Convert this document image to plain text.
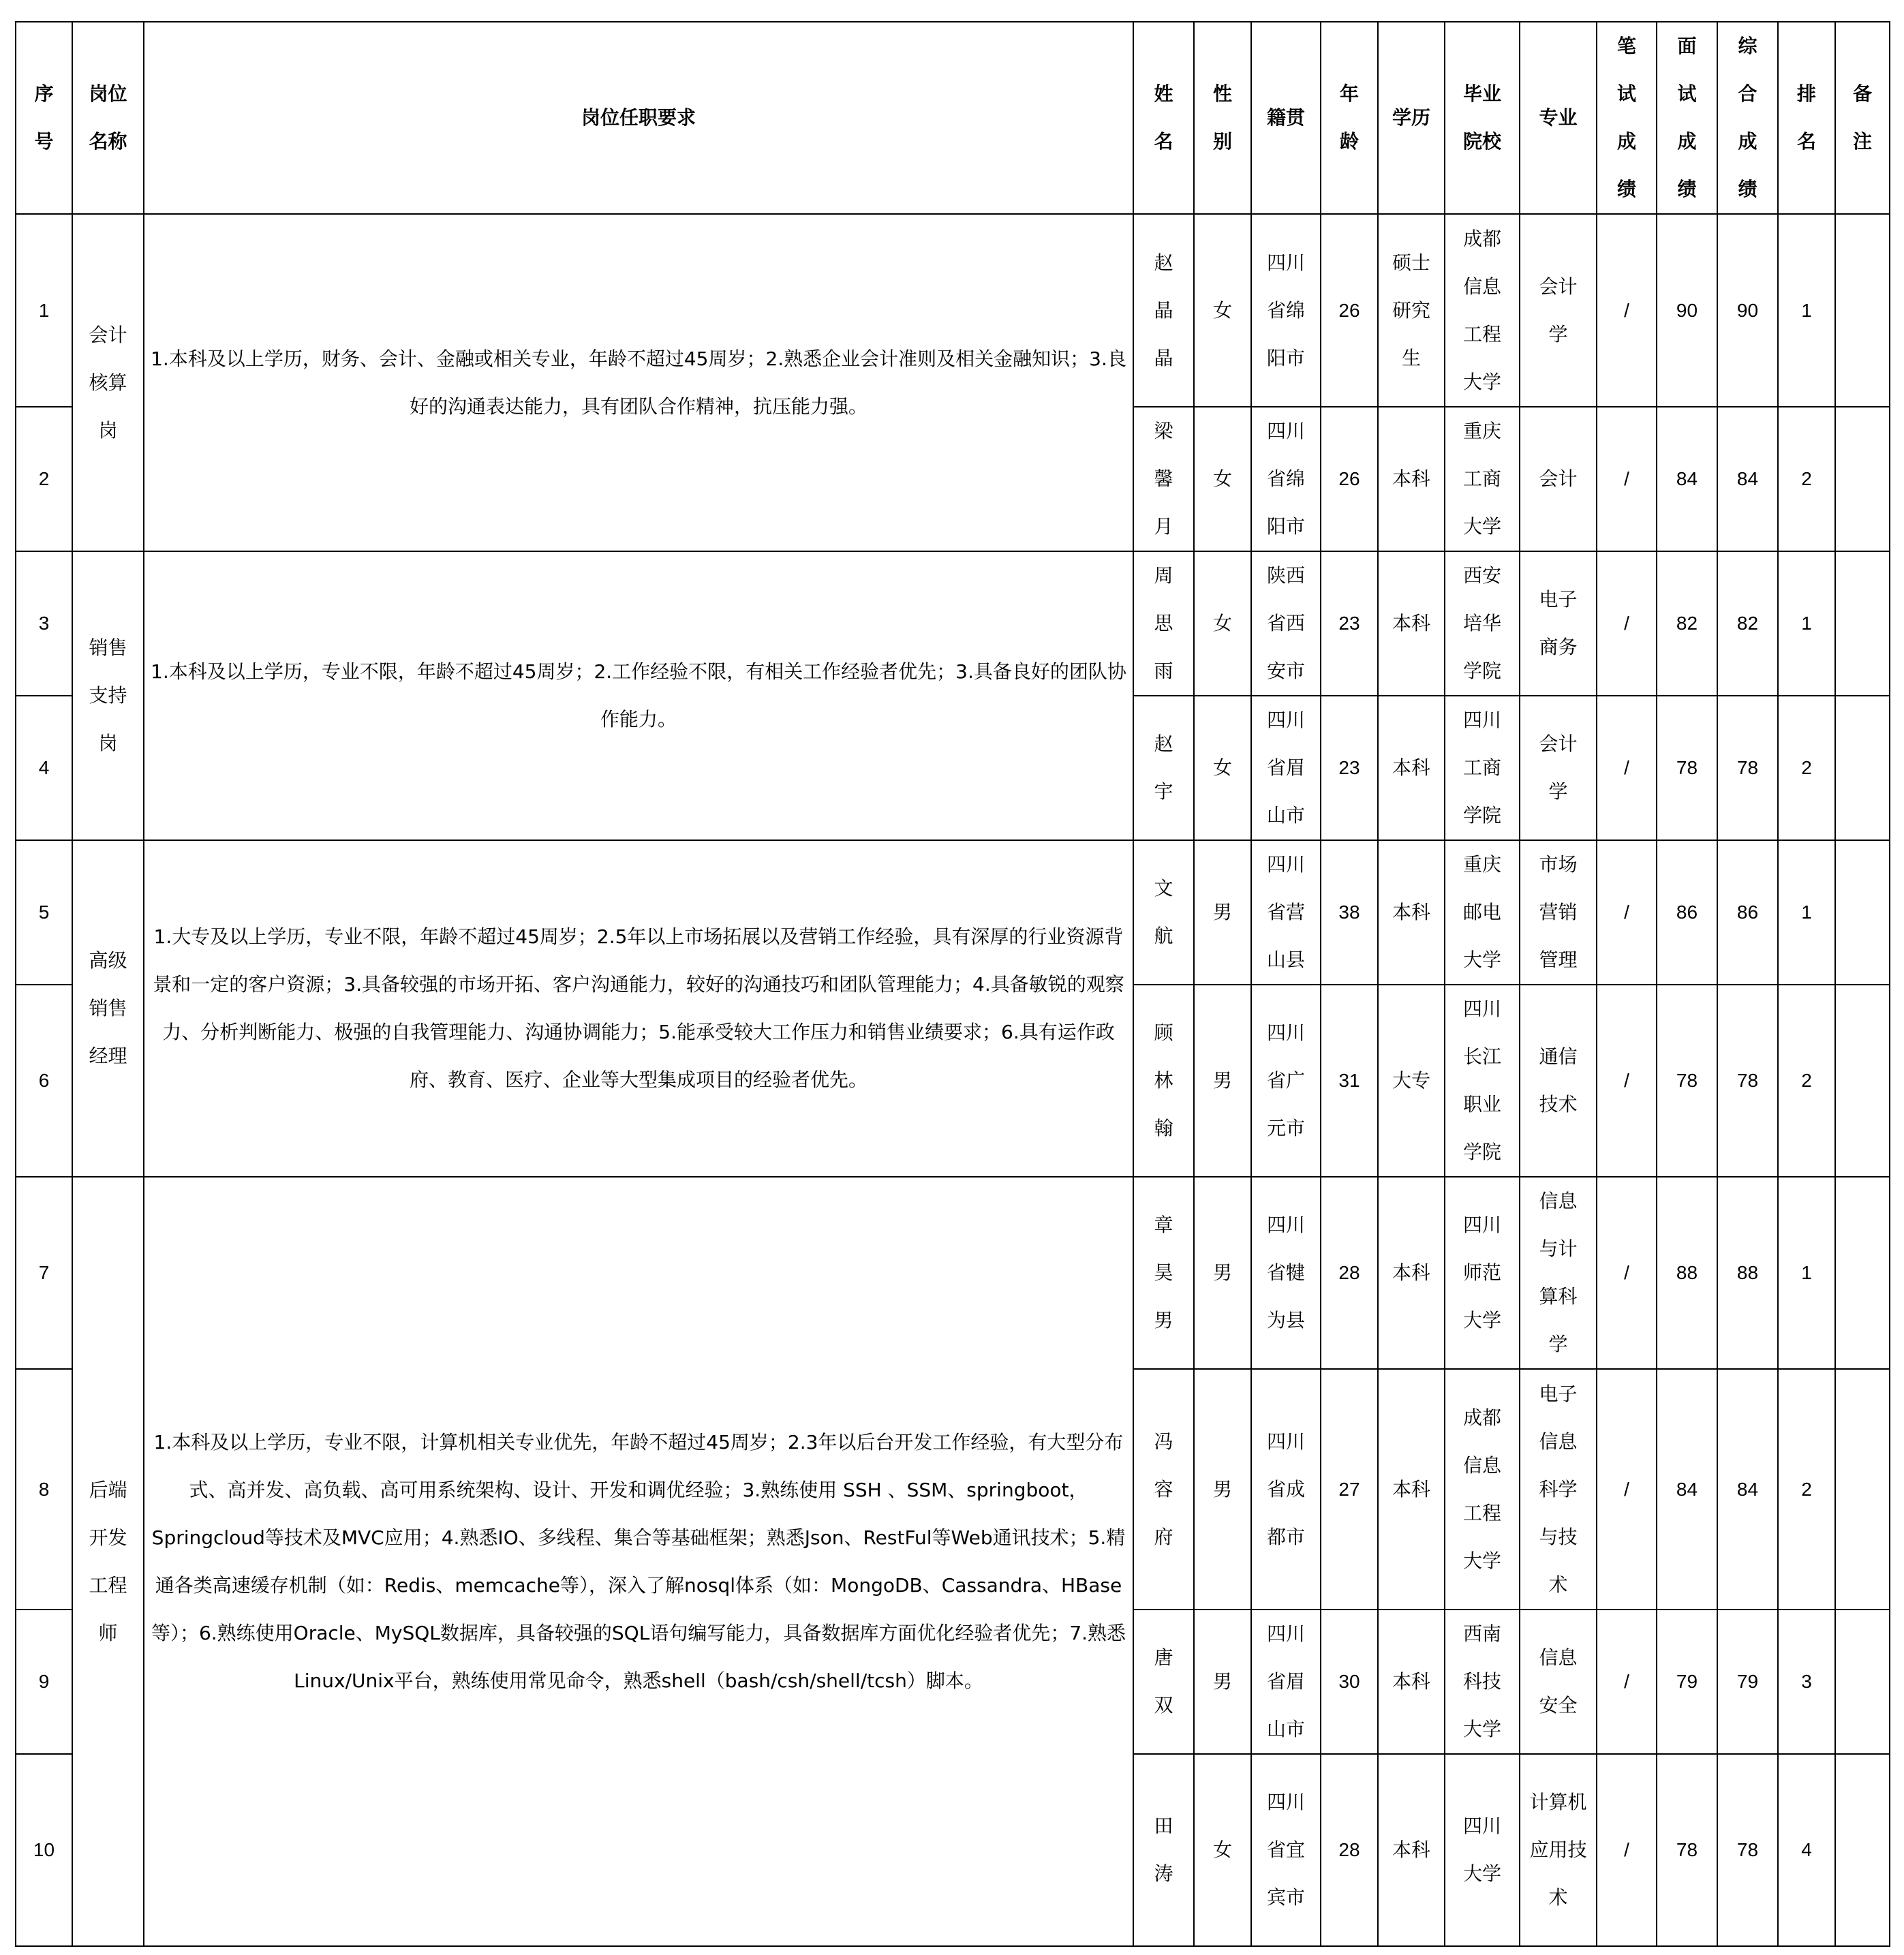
序号	岗位名称	岗位任职要求	姓名	性别	籍贯	年龄	学历	毕业院校	专业	笔试成绩	面试成绩	综合成绩	排名	备注
1	会计核算岗	1.本科及以上学历，财务、会计、金融或相关专业，年龄不超过45周岁；2.熟悉企业会计准则及相关金融知识；3.良好的沟通表达能力，具有团队合作精神，抗压能力强。	赵晶晶	女	四川省绵阳市	26	硕士研究生	成都信息工程大学	会计学	/	90	90	1	
2			梁馨月	女	四川省绵阳市	26	本科	重庆工商大学	会计	/	84	84	2	
3	销售支持岗	1.本科及以上学历，专业不限，年龄不超过45周岁；2.工作经验不限，有相关工作经验者优先；3.具备良好的团队协作能力。	周思雨	女	陕西省西安市	23	本科	西安培华学院	电子商务	/	82	82	1	
4			赵宇	女	四川省眉山市	23	本科	四川工商学院	会计学	/	78	78	2	
5	高级销售经理	1.大专及以上学历，专业不限，年龄不超过45周岁；2.5年以上市场拓展以及营销工作经验，具有深厚的行业资源背景和一定的客户资源；3.具备较强的市场开拓、客户沟通能力，较好的沟通技巧和团队管理能力；4.具备敏锐的观察力、分析判断能力、极强的自我管理能力、沟通协调能力；5.能承受较大工作压力和销售业绩要求；6.具有运作政府、教育、医疗、企业等大型集成项目的经验者优先。	文航	男	四川省营山县	38	本科	重庆邮电大学	市场营销管理	/	86	86	1	
6			顾林翰	男	四川省广元市	31	大专	四川长江职业学院	通信技术	/	78	78	2	
7	后端开发工程师	1.本科及以上学历，专业不限，计算机相关专业优先，年龄不超过45周岁；2.3年以后台开发工作经验，有大型分布式、高并发、高负载、高可用系统架构、设计、开发和调优经验；3.熟练使用 SSH 、SSM、springboot，Springcloud等技术及MVC应用；4.熟悉IO、多线程、集合等基础框架；熟悉Json、RestFul等Web通讯技术；5.精通各类高速缓存机制（如：Redis、memcache等），深入了解nosql体系（如：MongoDB、Cassandra、HBase等）；6.熟练使用Oracle、MySQL数据库，具备较强的SQL语句编写能力，具备数据库方面优化经验者优先；7.熟悉Linux/Unix平台，熟练使用常见命令，熟悉shell（bash/csh/shell/tcsh）脚本。	章昊男	男	四川省犍为县	28	本科	四川师范大学	信息与计算科学	/	88	88	1	
8			冯容府	男	四川省成都市	27	本科	成都信息工程大学	电子信息科学与技术	/	84	84	2	
9			唐双	男	四川省眉山市	30	本科	西南科技大学	信息安全	/	79	79	3	
10			田涛	女	四川省宜宾市	28	本科	四川大学	计算机应用技术	/	78	78	4	
